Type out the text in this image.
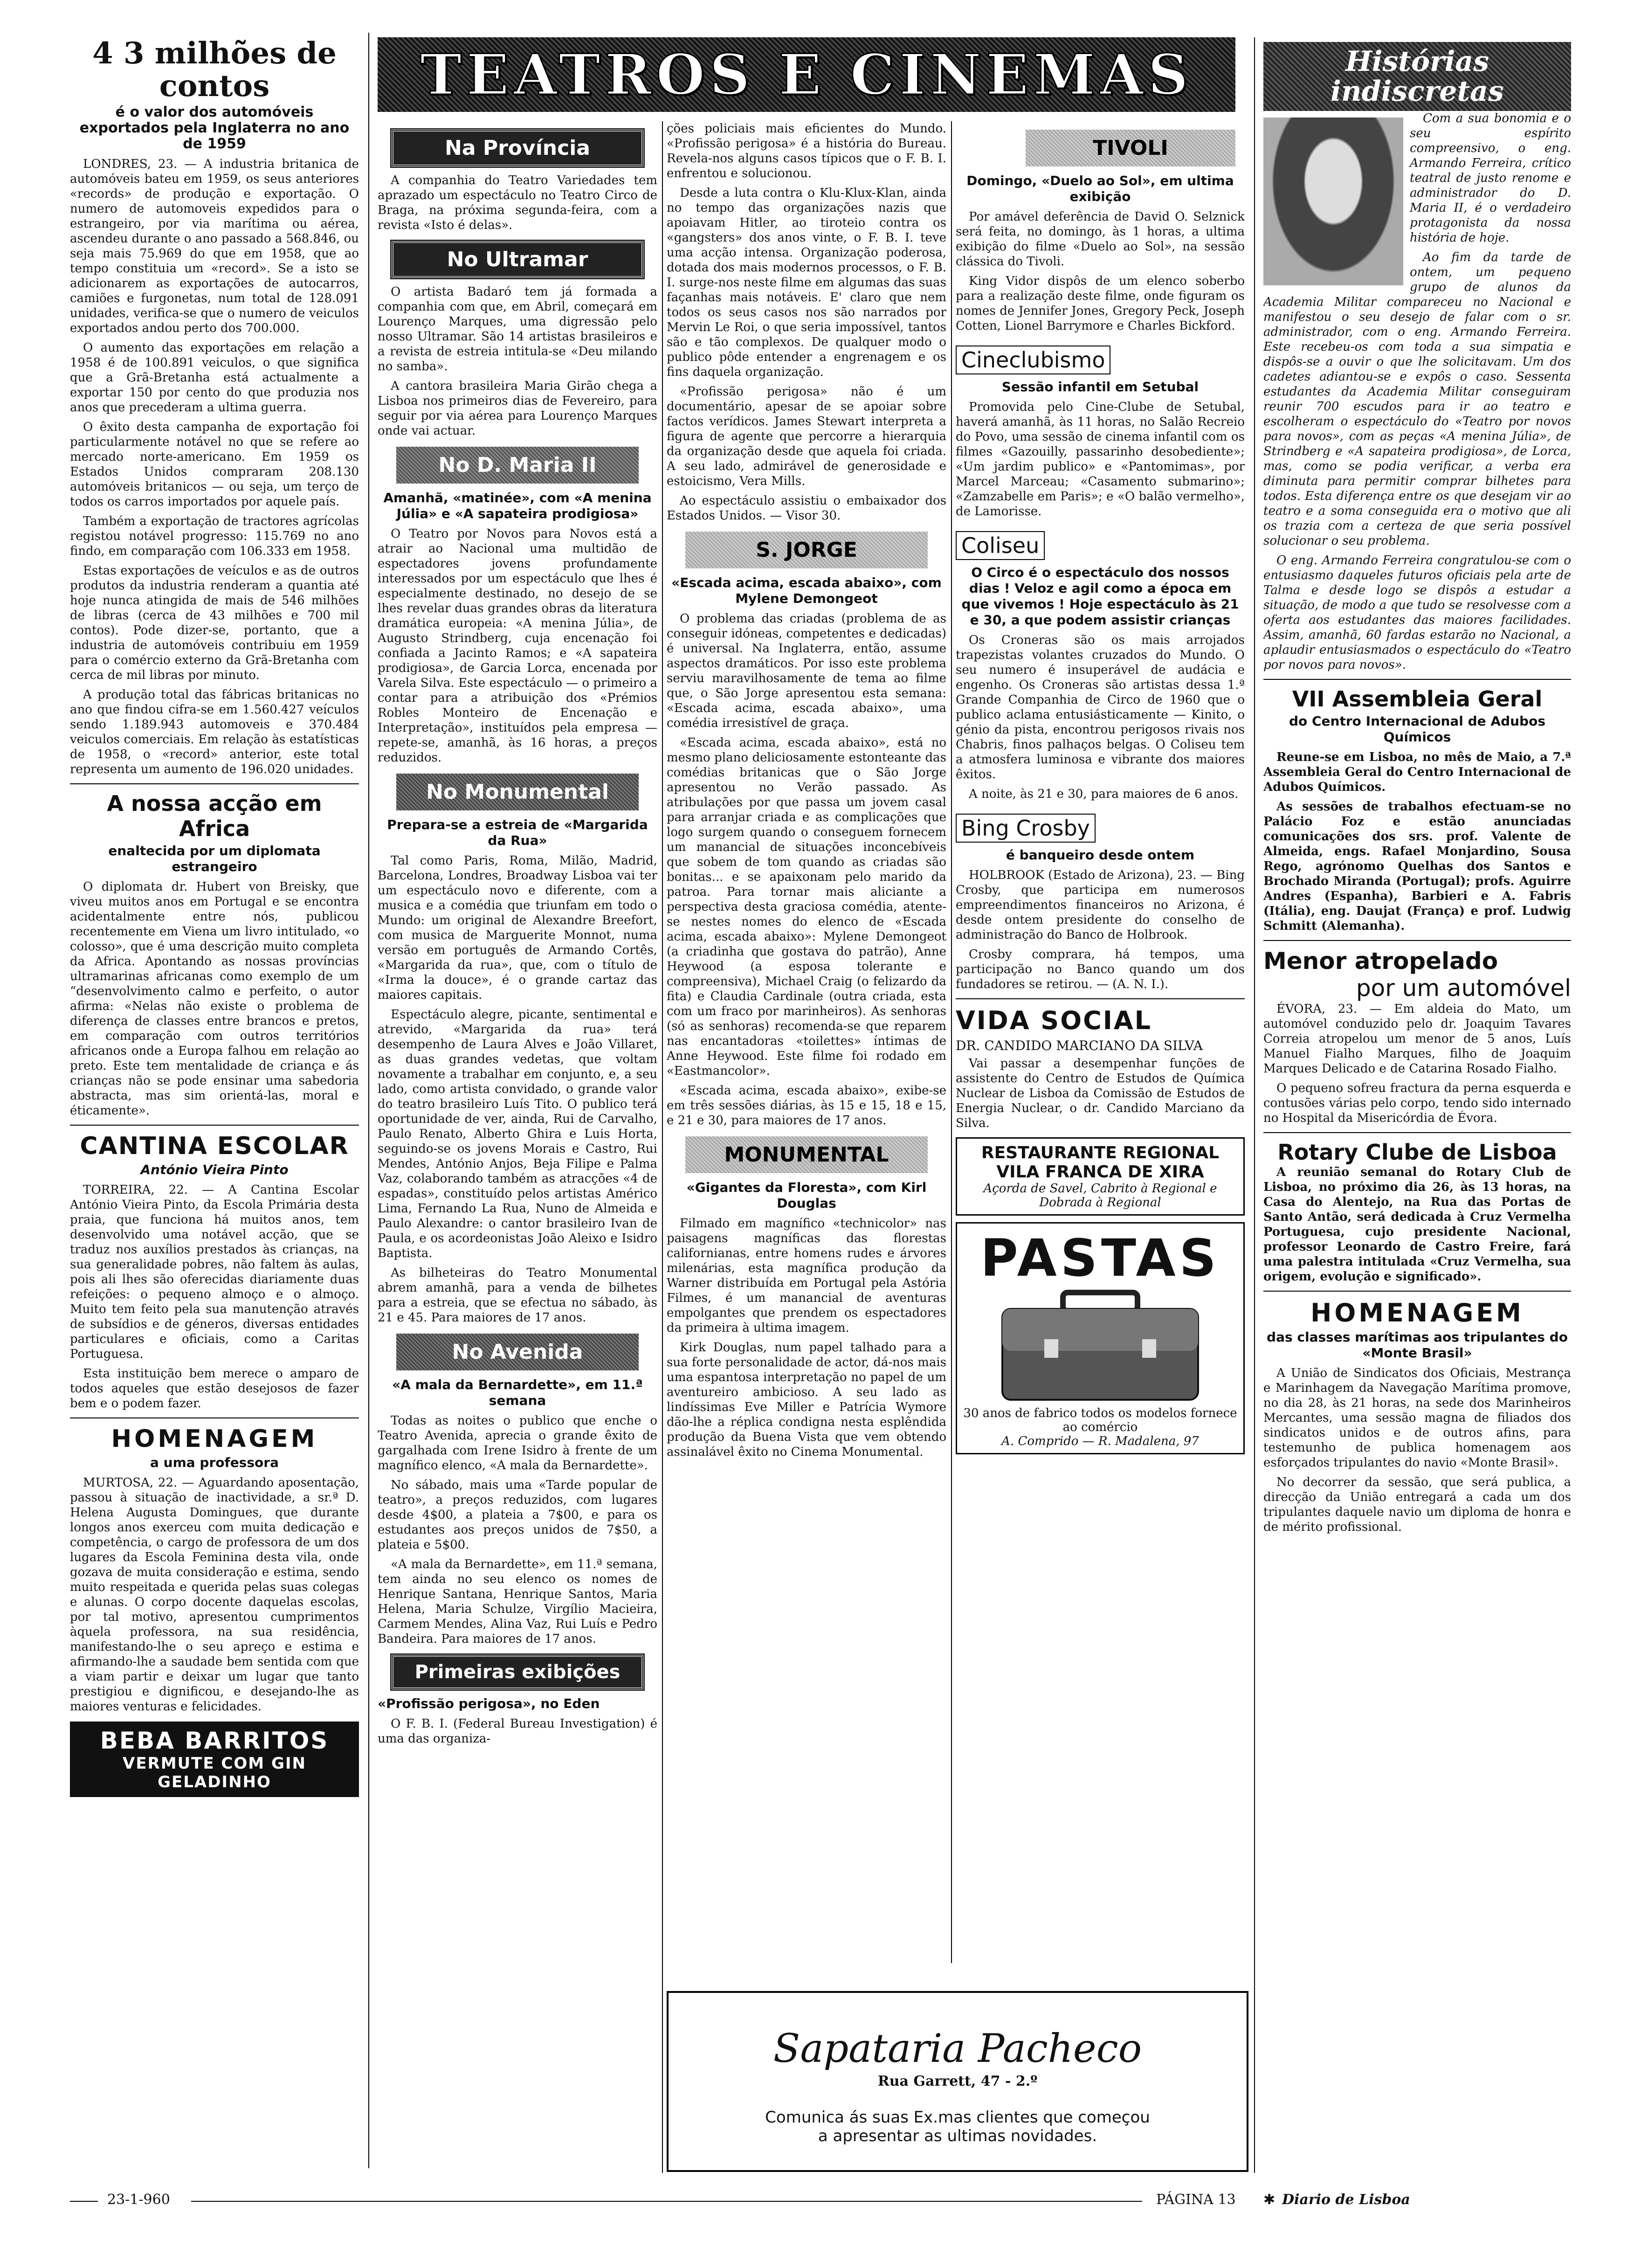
4 3 milhões de contos
é o valor dos automóveis exportados pela Inglaterra no ano de 1959

LONDRES, 23. — A industria britanica de automóveis bateu em 1959, os seus anteriores «records» de produção e exportação. O numero de automoveis expedidos para o estrangeiro, por via marítima ou aérea, ascendeu durante o ano passado a 568.846, ou seja mais 75.969 do que em 1958, que ao tempo constituia um «record». Se a isto se adicionarem as exportações de autocarros, camiões e furgonetas, num total de 128.091 unidades, verifica-se que o numero de veiculos exportados andou perto dos 700.000.

O aumento das exportações em relação a 1958 é de 100.891 veiculos, o que significa que a Grã-Bretanha está actualmente a exportar 150 por cento do que produzia nos anos que precederam a ultima guerra.

O êxito desta campanha de exportação foi particularmente notável no que se refere ao mercado norte-americano. Em 1959 os Estados Unidos compraram 208.130 automóveis britanicos — ou seja, um terço de todos os carros importados por aquele país.

Também a exportação de tractores agrícolas registou notável progresso: 115.769 no ano findo, em comparação com 106.333 em 1958.

Estas exportações de veículos e as de outros produtos da industria renderam a quantia até hoje nunca atingida de mais de 546 milhões de libras (cerca de 43 milhões e 700 mil contos). Pode dizer-se, portanto, que a industria de automóveis contribuiu em 1959 para o comércio externo da Grã-Bretanha com cerca de mil libras por minuto.

A produção total das fábricas britanicas no ano que findou cifra-se em 1.560.427 veículos sendo 1.189.943 automoveis e 370.484 veiculos comerciais. Em relação às estatísticas de 1958, o «record» anterior, este total representa um aumento de 196.020 unidades.

A nossa acção em Africa
enaltecida por um diplomata estrangeiro

O diplomata dr. Hubert von Breisky, que viveu muitos anos em Portugal e se encontra acidentalmente entre nós, publicou recentemente em Viena um livro intitulado, «o colosso», que é uma descrição muito completa da Africa. Apontando as nossas províncias ultramarinas africanas como exemplo de um “desenvolvimento calmo e perfeito, o autor afirma: «Nelas não existe o problema de diferença de classes entre brancos e pretos, em comparação com outros territórios africanos onde a Europa falhou em relação ao preto. Este tem mentalidade de criança e ás crianças não se pode ensinar uma sabedoria abstracta, mas sim orientá-las, moral e éticamente».

CANTINA ESCOLAR
António Vieira Pinto

TORREIRA, 22. — A Cantina Escolar António Vieira Pinto, da Escola Primária desta praia, que funciona há muitos anos, tem desenvolvido uma notável acção, que se traduz nos auxílios prestados às crianças, na sua generalidade pobres, não faltem às aulas, pois ali lhes são oferecidas diariamente duas refeições: o pequeno almoço e o almoço. Muito tem feito pela sua manutenção através de subsídios e de géneros, diversas entidades particulares e oficiais, como a Caritas Portuguesa.

Esta instituição bem merece o amparo de todos aqueles que estão desejosos de fazer bem e o podem fazer.

HOMENAGEM
a uma professora

MURTOSA, 22. — Aguardando aposentação, passou à situação de inactividade, a sr.ª D. Helena Augusta Domingues, que durante longos anos exerceu com muita dedicação e competência, o cargo de professora de um dos lugares da Escola Feminina desta vila, onde gozava de muita consideração e estima, sendo muito respeitada e querida pelas suas colegas e alunas. O corpo docente daquelas escolas, por tal motivo, apresentou cumprimentos àquela professora, na sua residência, manifestando-lhe o seu apreço e estima e afirmando-lhe a saudade bem sentida com que a viam partir e deixar um lugar que tanto prestigiou e dignificou, e desejando-lhe as maiores venturas e felicidades.

BEBA BARRITOS
VERMUTE COM GIN GELADINHO
TEATROS E CINEMAS
Na Província

A companhia do Teatro Variedades tem aprazado um espectáculo no Teatro Circo de Braga, na próxima segunda-feira, com a revista «Isto é delas».

No Ultramar

O artista Badaró tem já formada a companhia com que, em Abril, começará em Lourenço Marques, uma digressão pelo nosso Ultramar. São 14 artistas brasileiros e a revista de estreia intitula-se «Deu milando no samba».

A cantora brasileira Maria Girão chega a Lisboa nos primeiros dias de Fevereiro, para seguir por via aérea para Lourenço Marques onde vai actuar.

No D. Maria II
Amanhã, «matinée», com «A menina Júlia» e «A sapateira prodigiosa»

O Teatro por Novos para Novos está a atrair ao Nacional uma multidão de espectadores jovens profundamente interessados por um espectáculo que lhes é especialmente destinado, no desejo de se lhes revelar duas grandes obras da literatura dramática europeia: «A menina Júlia», de Augusto Strindberg, cuja encenação foi confiada a Jacinto Ramos; e «A sapateira prodigiosa», de Garcia Lorca, encenada por Varela Silva. Este espectáculo — o primeiro a contar para a atribuição dos «Prémios Robles Monteiro de Encenação e Interpretação», instituídos pela empresa — repete-se, amanhã, às 16 horas, a preços reduzidos.

No Monumental
Prepara-se a estreia de «Margarida da Rua»

Tal como Paris, Roma, Milão, Madrid, Barcelona, Londres, Broadway Lisboa vai ter um espectáculo novo e diferente, com a musica e a comédia que triunfam em todo o Mundo: um original de Alexandre Breefort, com musica de Marguerite Monnot, numa versão em português de Armando Cortês, «Margarida da rua», que, com o título de «Irma la douce», é o grande cartaz das maiores capitais.

Espectáculo alegre, picante, sentimental e atrevido, «Margarida da rua» terá desempenho de Laura Alves e João Villaret, as duas grandes vedetas, que voltam novamente a trabalhar em conjunto, e, a seu lado, como artista convidado, o grande valor do teatro brasileiro Luís Tito. O publico terá oportunidade de ver, ainda, Rui de Carvalho, Paulo Renato, Alberto Ghira e Luis Horta, seguindo-se os jovens Morais e Castro, Rui Mendes, António Anjos, Beja Filipe e Palma Vaz, colaborando também as atracções «4 de espadas», constituído pelos artistas Américo Lima, Fernando La Rua, Nuno de Almeida e Paulo Alexandre: o cantor brasileiro Ivan de Paula, e os acordeonistas João Aleixo e Isidro Baptista.

As bilheteiras do Teatro Monumental abrem amanhã, para a venda de bilhetes para a estreia, que se efectua no sábado, às 21 e 45. Para maiores de 17 anos.

No Avenida
«A mala da Bernardette», em 11.ª semana

Todas as noites o publico que enche o Teatro Avenida, aprecia o grande êxito de gargalhada com Irene Isidro à frente de um magnífico elenco, «A mala da Bernardette».

No sábado, mais uma «Tarde popular de teatro», a preços reduzidos, com lugares desde 4$00, a plateia a 7$00, e para os estudantes aos preços unidos de 7$50, a plateia e 5$00.

«A mala da Bernardette», em 11.ª semana, tem ainda no seu elenco os nomes de Henrique Santana, Henrique Santos, Maria Helena, Maria Schulze, Virgílio Macieira, Carmem Mendes, Alina Vaz, Rui Luís e Pedro Bandeira. Para maiores de 17 anos.

Primeiras exibições
«Profissão perigosa», no Eden

O F. B. I. (Federal Bureau Investigation) é uma das organiza-

ções policiais mais eficientes do Mundo. «Profissão perigosa» é a história do Bureau. Revela-nos alguns casos típicos que o F. B. I. enfrentou e solucionou.

Desde a luta contra o Klu-Klux-Klan, ainda no tempo das organizações nazis que apoiavam Hitler, ao tiroteio contra os «gangsters» dos anos vinte, o F. B. I. teve uma acção intensa. Organização poderosa, dotada dos mais modernos processos, o F. B. I. surge-nos neste filme em algumas das suas façanhas mais notáveis. E' claro que nem todos os seus casos nos são narrados por Mervin Le Roi, o que seria impossível, tantos são e tão complexos. De qualquer modo o publico pôde entender a engrenagem e os fins daquela organização.

«Profissão perigosa» não é um documentário, apesar de se apoiar sobre factos verídicos. James Stewart interpreta a figura de agente que percorre a hierarquia da organização desde que aquela foi criada. A seu lado, admirável de generosidade e estoicismo, Vera Mills.

Ao espectáculo assistiu o embaixador dos Estados Unidos. — Visor 30.

S. JORGE
«Escada acima, escada abaixo», com Mylene Demongeot

O problema das criadas (problema de as conseguir idóneas, competentes e dedicadas) é universal. Na Inglaterra, então, assume aspectos dramáticos. Por isso este problema serviu maravilhosamente de tema ao filme que, o São Jorge apresentou esta semana: «Escada acima, escada abaixo», uma comédia irresistível de graça.

«Escada acima, escada abaixo», está no mesmo plano deliciosamente estonteante das comédias britanicas que o São Jorge apresentou no Verão passado. As atribulações por que passa um jovem casal para arranjar criada e as complicações que logo surgem quando o conseguem fornecem um manancial de situações inconcebíveis que sobem de tom quando as criadas são bonitas... e se apaixonam pelo marido da patroa. Para tornar mais aliciante a perspectiva desta graciosa comédia, atente-se nestes nomes do elenco de «Escada acima, escada abaixo»: Mylene Demongeot (a criadinha que gostava do patrão), Anne Heywood (a esposa tolerante e compreensiva), Michael Craig (o felizardo da fita) e Claudia Cardinale (outra criada, esta com um fraco por marinheiros). As senhoras (só as senhoras) recomenda-se que reparem nas encantadoras «toilettes» íntimas de Anne Heywood. Este filme foi rodado em «Eastmancolor».

«Escada acima, escada abaixo», exibe-se em três sessões diárias, às 15 e 15, 18 e 15, e 21 e 30, para maiores de 17 anos.

MONUMENTAL
«Gigantes da Floresta», com Kirl Douglas

Filmado em magnífico «technicolor» nas paisagens magníficas das florestas californianas, entre homens rudes e árvores milenárias, esta magnífica produção da Warner distribuída em Portugal pela Astória Filmes, é um manancial de aventuras empolgantes que prendem os espectadores da primeira à ultima imagem.

Kirk Douglas, num papel talhado para a sua forte personalidade de actor, dá-nos mais uma espantosa interpretação no papel de um aventureiro ambicioso. A seu lado as lindíssimas Eve Miller e Patrícia Wymore dão-lhe a réplica condigna nesta esplêndida produção da Buena Vista que vem obtendo assinalável êxito no Cinema Monumental.

TIVOLI
Domingo, «Duelo ao Sol», em ultima exibição

Por amável deferência de David O. Selznick será feita, no domingo, às 1 horas, a ultima exibição do filme «Duelo ao Sol», na sessão clássica do Tivoli.

King Vidor dispôs de um elenco soberbo para a realização deste filme, onde figuram os nomes de Jennifer Jones, Gregory Peck, Joseph Cotten, Lionel Barrymore e Charles Bickford.

Cineclubismo
Sessão infantil em Setubal

Promovida pelo Cine-Clube de Setubal, haverá amanhã, às 11 horas, no Salão Recreio do Povo, uma sessão de cinema infantil com os filmes «Gazouilly, passarinho desobediente»; «Um jardim publico» e «Pantomimas», por Marcel Marceau; «Casamento submarino»; «Zamzabelle em Paris»; e «O balão vermelho», de Lamorisse.

Coliseu
O Circo é o espectáculo dos nossos dias ! Veloz e agil como a época em que vivemos ! Hoje espectáculo às 21 e 30, a que podem assistir crianças

Os Croneras são os mais arrojados trapezistas volantes cruzados do Mundo. O seu numero é insuperável de audácia e engenho. Os Croneras são artistas dessa 1.ª Grande Companhia de Circo de 1960 que o publico aclama entusiásticamente — Kinito, o génio da pista, encontrou perigosos rivais nos Chabris, finos palhaços belgas. O Coliseu tem a atmosfera luminosa e vibrante dos maiores êxitos.

A noite, às 21 e 30, para maiores de 6 anos.

Bing Crosby
é banqueiro desde ontem

HOLBROOK (Estado de Arizona), 23. — Bing Crosby, que participa em numerosos empreendimentos financeiros no Arizona, é desde ontem presidente do conselho de administração do Banco de Holbrook.

Crosby comprara, há tempos, uma participação no Banco quando um dos fundadores se retirou. — (A. N. I.).

VIDA SOCIAL
DR. CANDIDO MARCIANO DA SILVA

Vai passar a desempenhar funções de assistente do Centro de Estudos de Química Nuclear de Lisboa da Comissão de Estudos de Energia Nuclear, o dr. Candido Marciano da Silva.

RESTAURANTE REGIONAL
VILA FRANCA DE XIRA
Açorda de Savel, Cabrito à Regional e Dobrada à Regional
PASTAS
30 anos de fabrico todos os modelos fornece ao comércio
A. Comprido — R. Madalena, 97
Sapataria Pacheco
Rua Garrett, 47 - 2.º
Comunica ás suas Ex.mas clientes que começou
a apresentar as ultimas novidades.
Histórias indiscretas

Com a sua bonomia e o seu espírito compreensivo, o eng. Armando Ferreira, crítico teatral de justo renome e administrador do D. Maria II, é o verdadeiro protagonista da nossa história de hoje.

Ao fim da tarde de ontem, um pequeno grupo de alunos da Academia Militar compareceu no Nacional e manifestou o seu desejo de falar com o sr. administrador, com o eng. Armando Ferreira. Este recebeu-os com toda a sua simpatia e dispôs-se a ouvir o que lhe solicitavam. Um dos cadetes adiantou-se e expôs o caso. Sessenta estudantes da Academia Militar conseguiram reunir 700 escudos para ir ao teatro e escolheram o espectáculo do «Teatro por novos para novos», com as peças «A menina Júlia», de Strindberg e «A sapateira prodigiosa», de Lorca, mas, como se podia verificar, a verba era diminuta para permitir comprar bilhetes para todos. Esta diferença entre os que desejam vir ao teatro e a soma conseguida era o motivo que ali os trazia com a certeza de que seria possível solucionar o seu problema.

O eng. Armando Ferreira congratulou-se com o entusiasmo daqueles futuros oficiais pela arte de Talma e desde logo se dispôs a estudar a situação, de modo a que tudo se resolvesse com a oferta aos estudantes das maiores facilidades. Assim, amanhã, 60 fardas estarão no Nacional, a aplaudir entusiasmados o espectáculo do «Teatro por novos para novos».

VII Assembleia Geral
do Centro Internacional de Adubos Químicos

Reune-se em Lisboa, no mês de Maio, a 7.ª Assembleia Geral do Centro Internacional de Adubos Químicos.

As sessões de trabalhos efectuam-se no Palácio Foz e estão anunciadas comunicações dos srs. prof. Valente de Almeida, engs. Rafael Monjardino, Sousa Rego, agrónomo Quelhas dos Santos e Brochado Miranda (Portugal); profs. Aguirre Andres (Espanha), Barbieri e A. Fabris (Itália), eng. Daujat (França) e prof. Ludwig Schmitt (Alemanha).

Menor atropelado
por um automóvel

ÉVORA, 23. — Em aldeia do Mato, um automóvel conduzido pelo dr. Joaquim Tavares Correia atropelou um menor de 5 anos, Luís Manuel Fialho Marques, filho de Joaquim Marques Delicado e de Catarina Rosado Fialho.

O pequeno sofreu fractura da perna esquerda e contusões várias pelo corpo, tendo sido internado no Hospital da Misericórdia de Évora.

Rotary Clube de Lisboa

A reunião semanal do Rotary Club de Lisboa, no próximo dia 26, às 13 horas, na Casa do Alentejo, na Rua das Portas de Santo Antão, será dedicada à Cruz Vermelha Portuguesa, cujo presidente Nacional, professor Leonardo de Castro Freire, fará uma palestra intitulada «Cruz Vermelha, sua origem, evolução e significado».

HOMENAGEM
das classes marítimas aos tripulantes do «Monte Brasil»

A União de Sindicatos dos Oficiais, Mestrança e Marinhagem da Navegação Marítima promove, no dia 28, às 21 horas, na sede dos Marinheiros Mercantes, uma sessão magna de filiados dos sindicatos unidos e de outros afins, para testemunho de publica homenagem aos esforçados tripulantes do navio «Monte Brasil».

No decorrer da sessão, que será publica, a direcção da União entregará a cada um dos tripulantes daquele navio um diploma de honra e de mérito profissional.

23-1-960	PÁGINA 13 ✱ Diario de Lisboa
